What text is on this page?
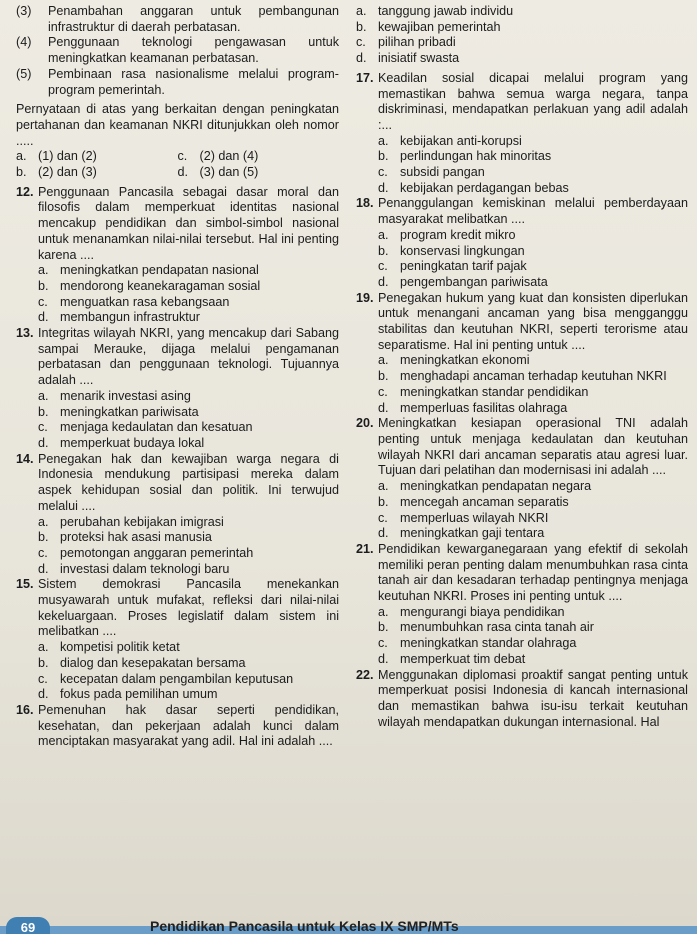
(3)	Penambahan anggaran untuk pembangunan infrastruktur di daerah perbatasan.
(4)	Penggunaan teknologi pengawasan untuk meningkatkan keamanan perbatasan.
(5)	Pembinaan rasa nasionalisme melalui program-program pemerintah.
Pernyataan di atas yang berkaitan dengan peningkatan pertahanan dan keamanan NKRI ditunjukkan oleh nomor .....
a. (1) dan (2)	c. (2) dan (4)
b. (2) dan (3)	d. (3) dan (5)
12. Penggunaan Pancasila sebagai dasar moral dan filosofis dalam memperkuat identitas nasional mencakup pendidikan dan simbol-simbol nasional untuk menanamkan nilai-nilai tersebut. Hal ini penting karena ....
a. meningkatkan pendapatan nasional
b. mendorong keanekaragaman sosial
c. menguatkan rasa kebangsaan
d. membangun infrastruktur
13. Integritas wilayah NKRI, yang mencakup dari Sabang sampai Merauke, dijaga melalui pengamanan perbatasan dan penggunaan teknologi. Tujuannya adalah ....
a. menarik investasi asing
b. meningkatkan pariwisata
c. menjaga kedaulatan dan kesatuan
d. memperkuat budaya lokal
14. Penegakan hak dan kewajiban warga negara di Indonesia mendukung partisipasi mereka dalam aspek kehidupan sosial dan politik. Ini terwujud melalui ....
a. perubahan kebijakan imigrasi
b. proteksi hak asasi manusia
c. pemotongan anggaran pemerintah
d. investasi dalam teknologi baru
15. Sistem demokrasi Pancasila menekankan musyawarah untuk mufakat, refleksi dari nilai-nilai kekeluargaan. Proses legislatif dalam sistem ini melibatkan ....
a. kompetisi politik ketat
b. dialog dan kesepakatan bersama
c. kecepatan dalam pengambilan keputusan
d. fokus pada pemilihan umum
16. Pemenuhan hak dasar seperti pendidikan, kesehatan, dan pekerjaan adalah kunci dalam menciptakan masyarakat yang adil. Hal ini adalah ....
a. tanggung jawab individu
b. kewajiban pemerintah
c. pilihan pribadi
d. inisiatif swasta
17. Keadilan sosial dicapai melalui program yang memastikan bahwa semua warga negara, tanpa diskriminasi, mendapatkan perlakuan yang adil adalah :...
a. kebijakan anti-korupsi
b. perlindungan hak minoritas
c. subsidi pangan
d. kebijakan perdagangan bebas
18. Penanggulangan kemiskinan melalui pemberdayaan masyarakat melibatkan ....
a. program kredit mikro
b. konservasi lingkungan
c. peningkatan tarif pajak
d. pengembangan pariwisata
19. Penegakan hukum yang kuat dan konsisten diperlukan untuk menangani ancaman yang bisa mengganggu stabilitas dan keutuhan NKRI, seperti terorisme atau separatisme. Hal ini penting untuk ....
a. meningkatkan ekonomi
b. menghadapi ancaman terhadap keutuhan NKRI
c. meningkatkan standar pendidikan
d. memperluas fasilitas olahraga
20. Meningkatkan kesiapan operasional TNI adalah penting untuk menjaga kedaulatan dan keutuhan wilayah NKRI dari ancaman separatis atau agresi luar. Tujuan dari pelatihan dan modernisasi ini adalah ....
a. meningkatkan pendapatan negara
b. mencegah ancaman separatis
c. memperluas wilayah NKRI
d. meningkatkan gaji tentara
21. Pendidikan kewarganegaraan yang efektif di sekolah memiliki peran penting dalam menumbuhkan rasa cinta tanah air dan kesadaran terhadap pentingnya menjaga keutuhan NKRI. Proses ini penting untuk ....
a. mengurangi biaya pendidikan
b. menumbuhkan rasa cinta tanah air
c. meningkatkan standar olahraga
d. memperkuat tim debat
22. Menggunakan diplomasi proaktif sangat penting untuk memperkuat posisi Indonesia di kancah internasional dan memastikan bahwa isu-isu terkait keutuhan wilayah mendapatkan dukungan internasional. Hal
69	Pendidikan Pancasila untuk Kelas IX SMP/MTs
